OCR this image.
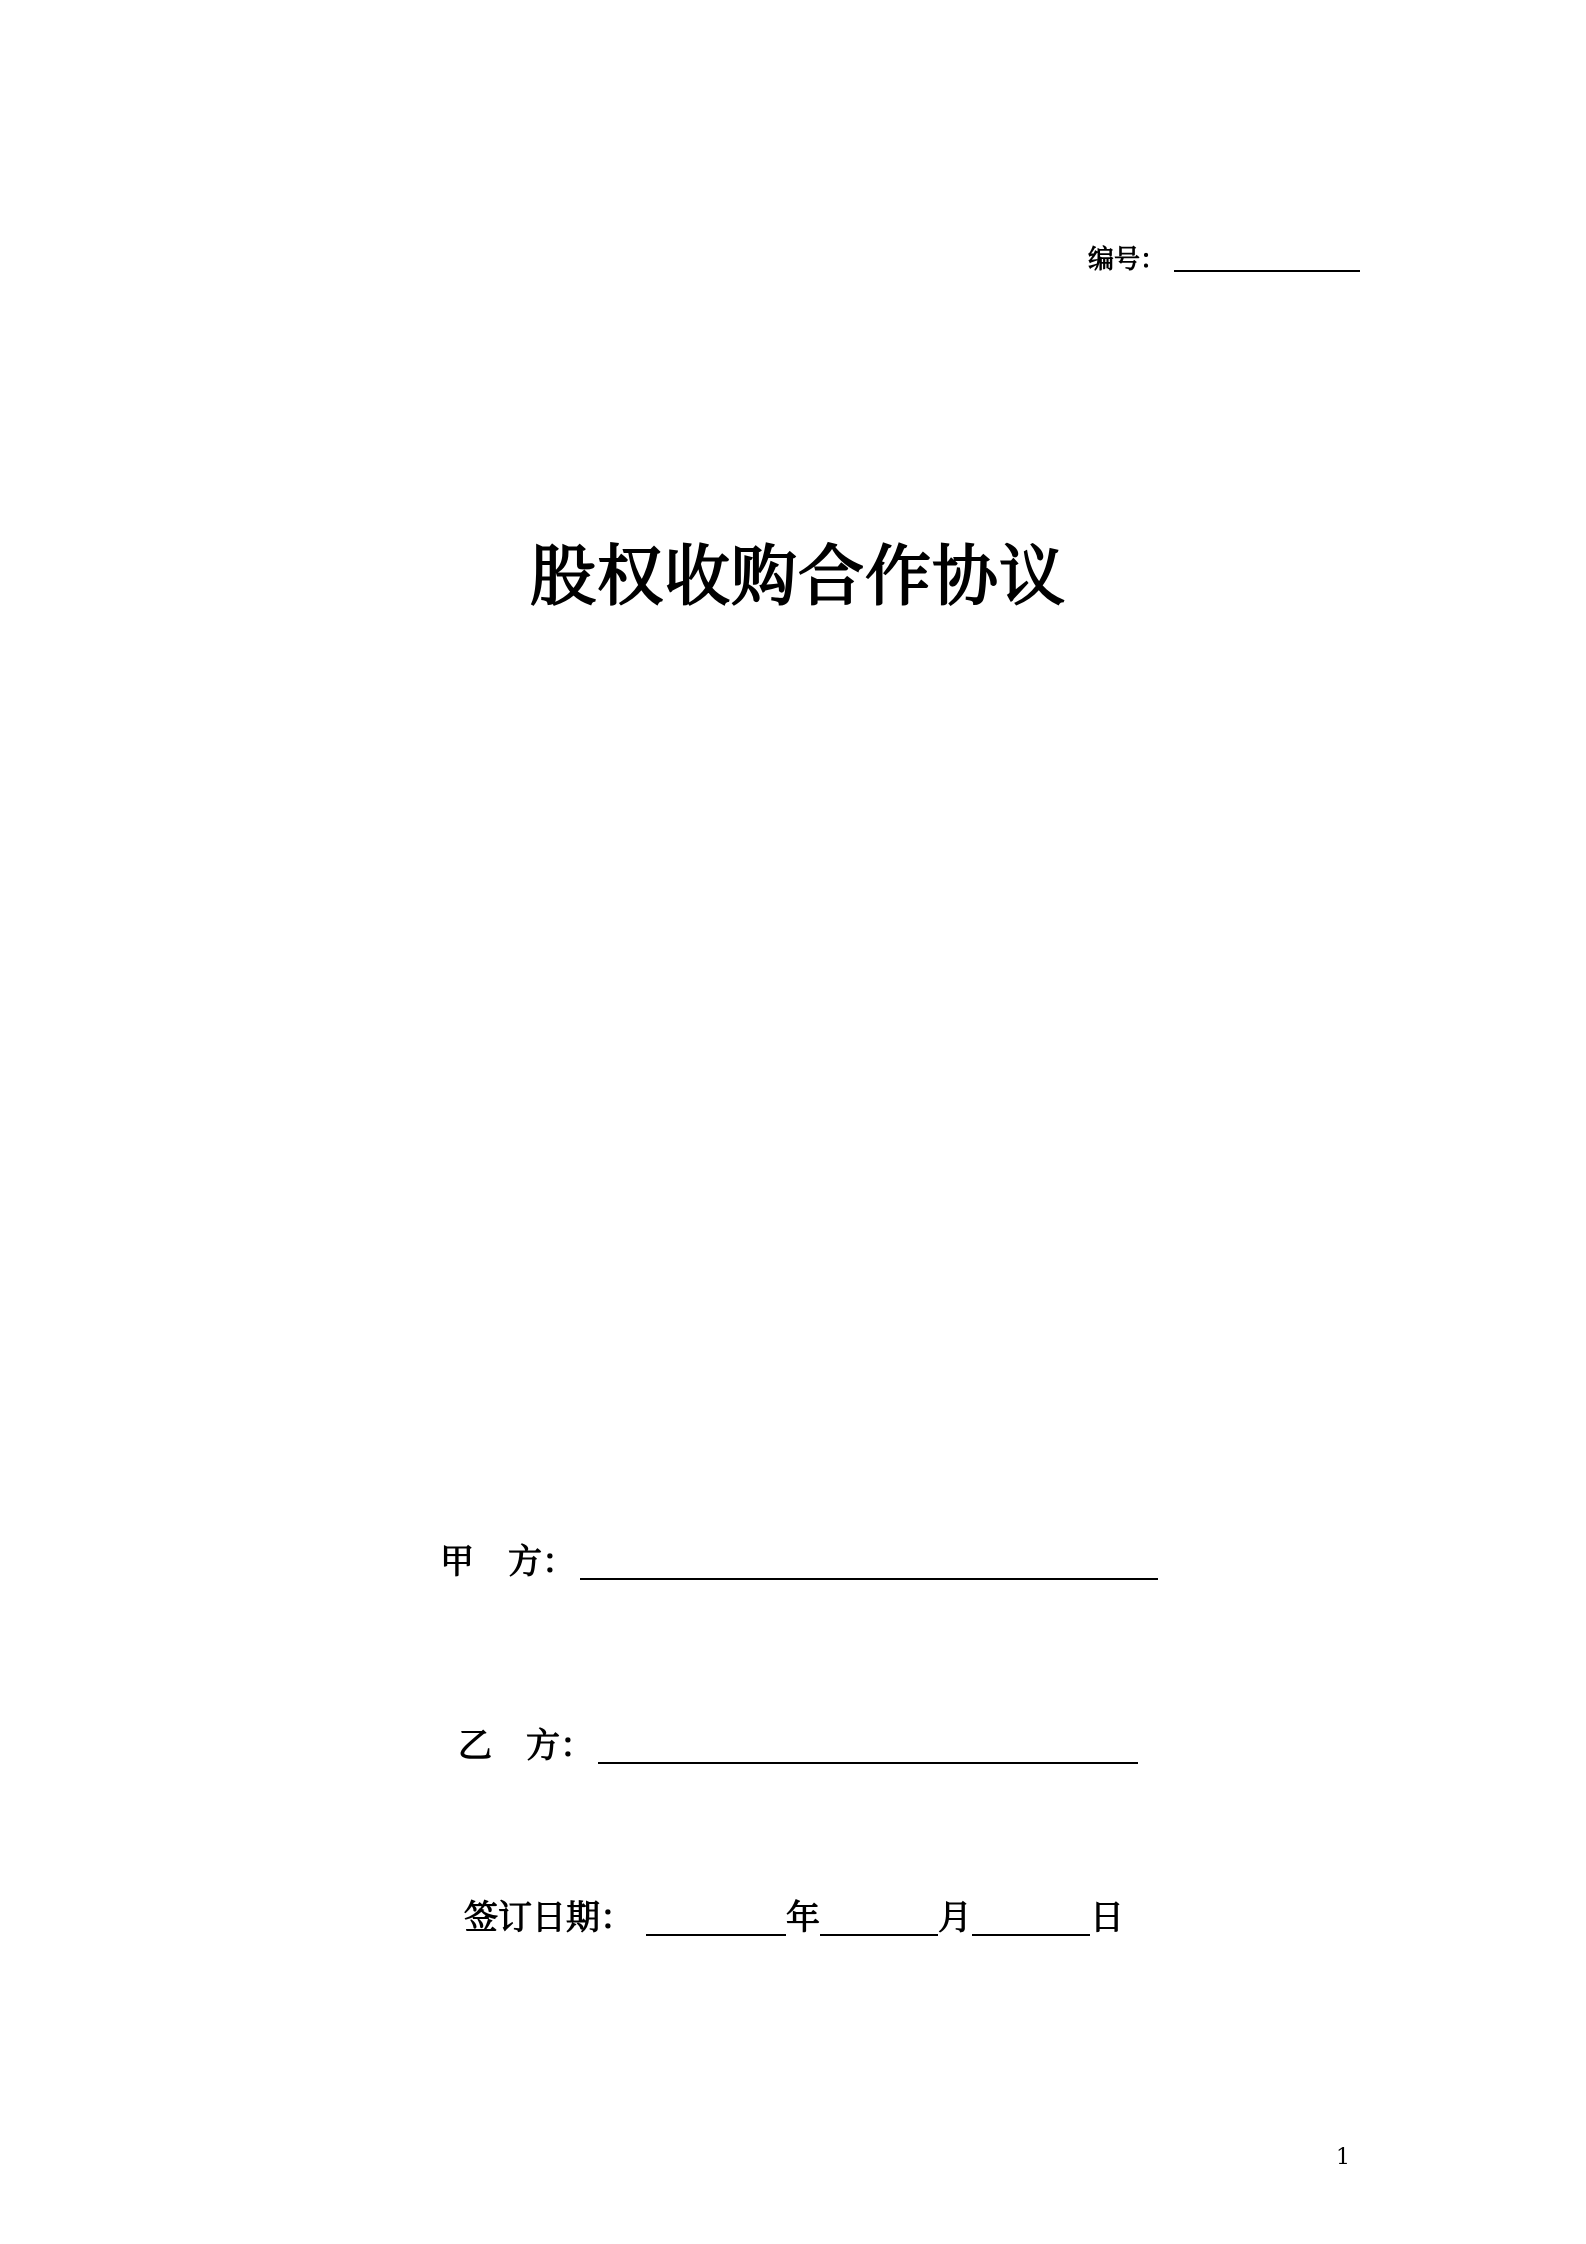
编号：
股权收购合作协议
甲　方：
乙　方：
签订日期：	年	月	日
1
